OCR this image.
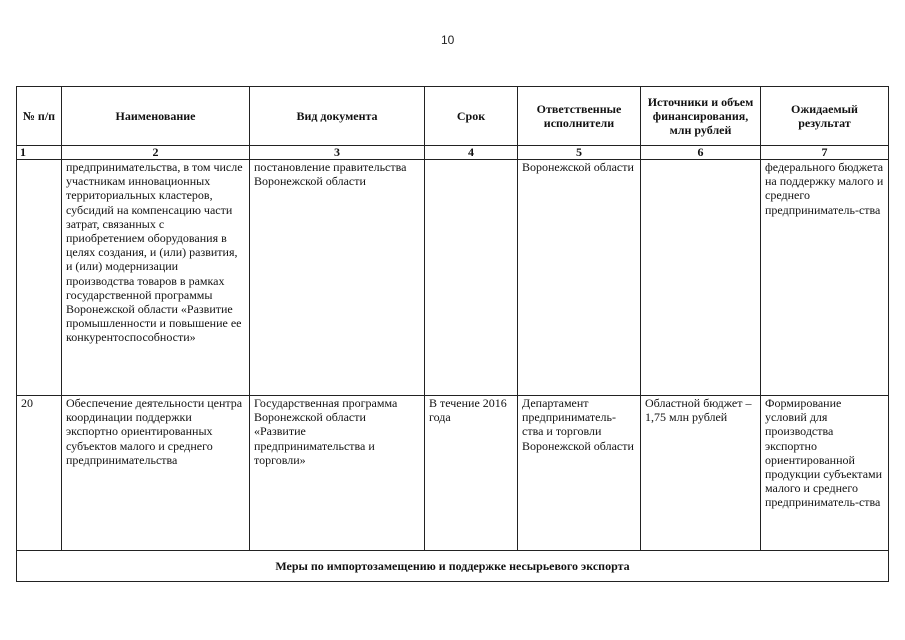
10
№ п/п	Наименование	Вид документа	Срок	Ответственные исполнители	Источники и объем финансирования, млн рублей	Ожидаемый результат
1	2	3	4	5	6	7
	предпринимательства, в том числе участникам инновационных территориальных кластеров, субсидий на компенсацию части затрат, связанных с приобретением оборудования в целях создания, и (или) развития, и (или) модернизации производства товаров в рамках государственной программы Воронежской области «Развитие промышленности и повышение ее конкурентоспособности»	постановление правительства Воронежской области		Воронежской области		федерального бюджета на поддержку малого и среднего предприниматель-ства
20	Обеспечение деятельности центра координации поддержки экспортно ориентированных субъектов малого и среднего предпринимательства	Государственная программа Воронежской области «Развитие предпринимательства и торговли»	В течение 2016 года	Департамент предприниматель-ства и торговли Воронежской области	Областной бюджет – 1,75 млн рублей	Формирование условий для производства экспортно ориентированной продукции субъектами малого и среднего предприниматель-ства
Меры по импортозамещению и поддержке несырьевого экспорта						
